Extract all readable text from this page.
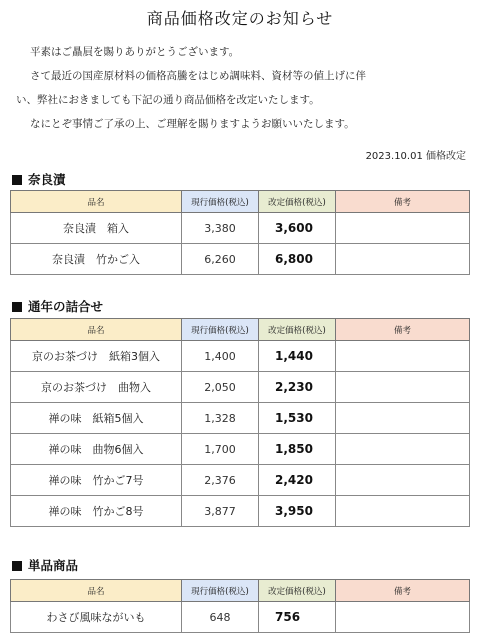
商品価格改定のお知らせ

平素はご贔屓を賜りありがとうございます。

さて最近の国産原材料の価格高騰をはじめ調味料、資材等の値上げに伴

い、弊社におきましても下記の通り商品価格を改定いたします。

なにとぞ事情ご了承の上、ご理解を賜りますようお願いいたします。

2023.10.01 価格改定
奈良漬
品名	現行価格(税込)	改定価格(税込)	備考
奈良漬　箱入	3,380	3,600	
奈良漬　竹かご入	6,260	6,800	
通年の詰合せ
品名	現行価格(税込)	改定価格(税込)	備考
京のお茶づけ　紙箱3個入	1,400	1,440	
京のお茶づけ　曲物入	2,050	2,230	
禅の味　紙箱5個入	1,328	1,530	
禅の味　曲物6個入	1,700	1,850	
禅の味　竹かご7号	2,376	2,420	
禅の味　竹かご8号	3,877	3,950	
単品商品
品名	現行価格(税込)	改定価格(税込)	備考
わさび風味ながいも	648	756	
